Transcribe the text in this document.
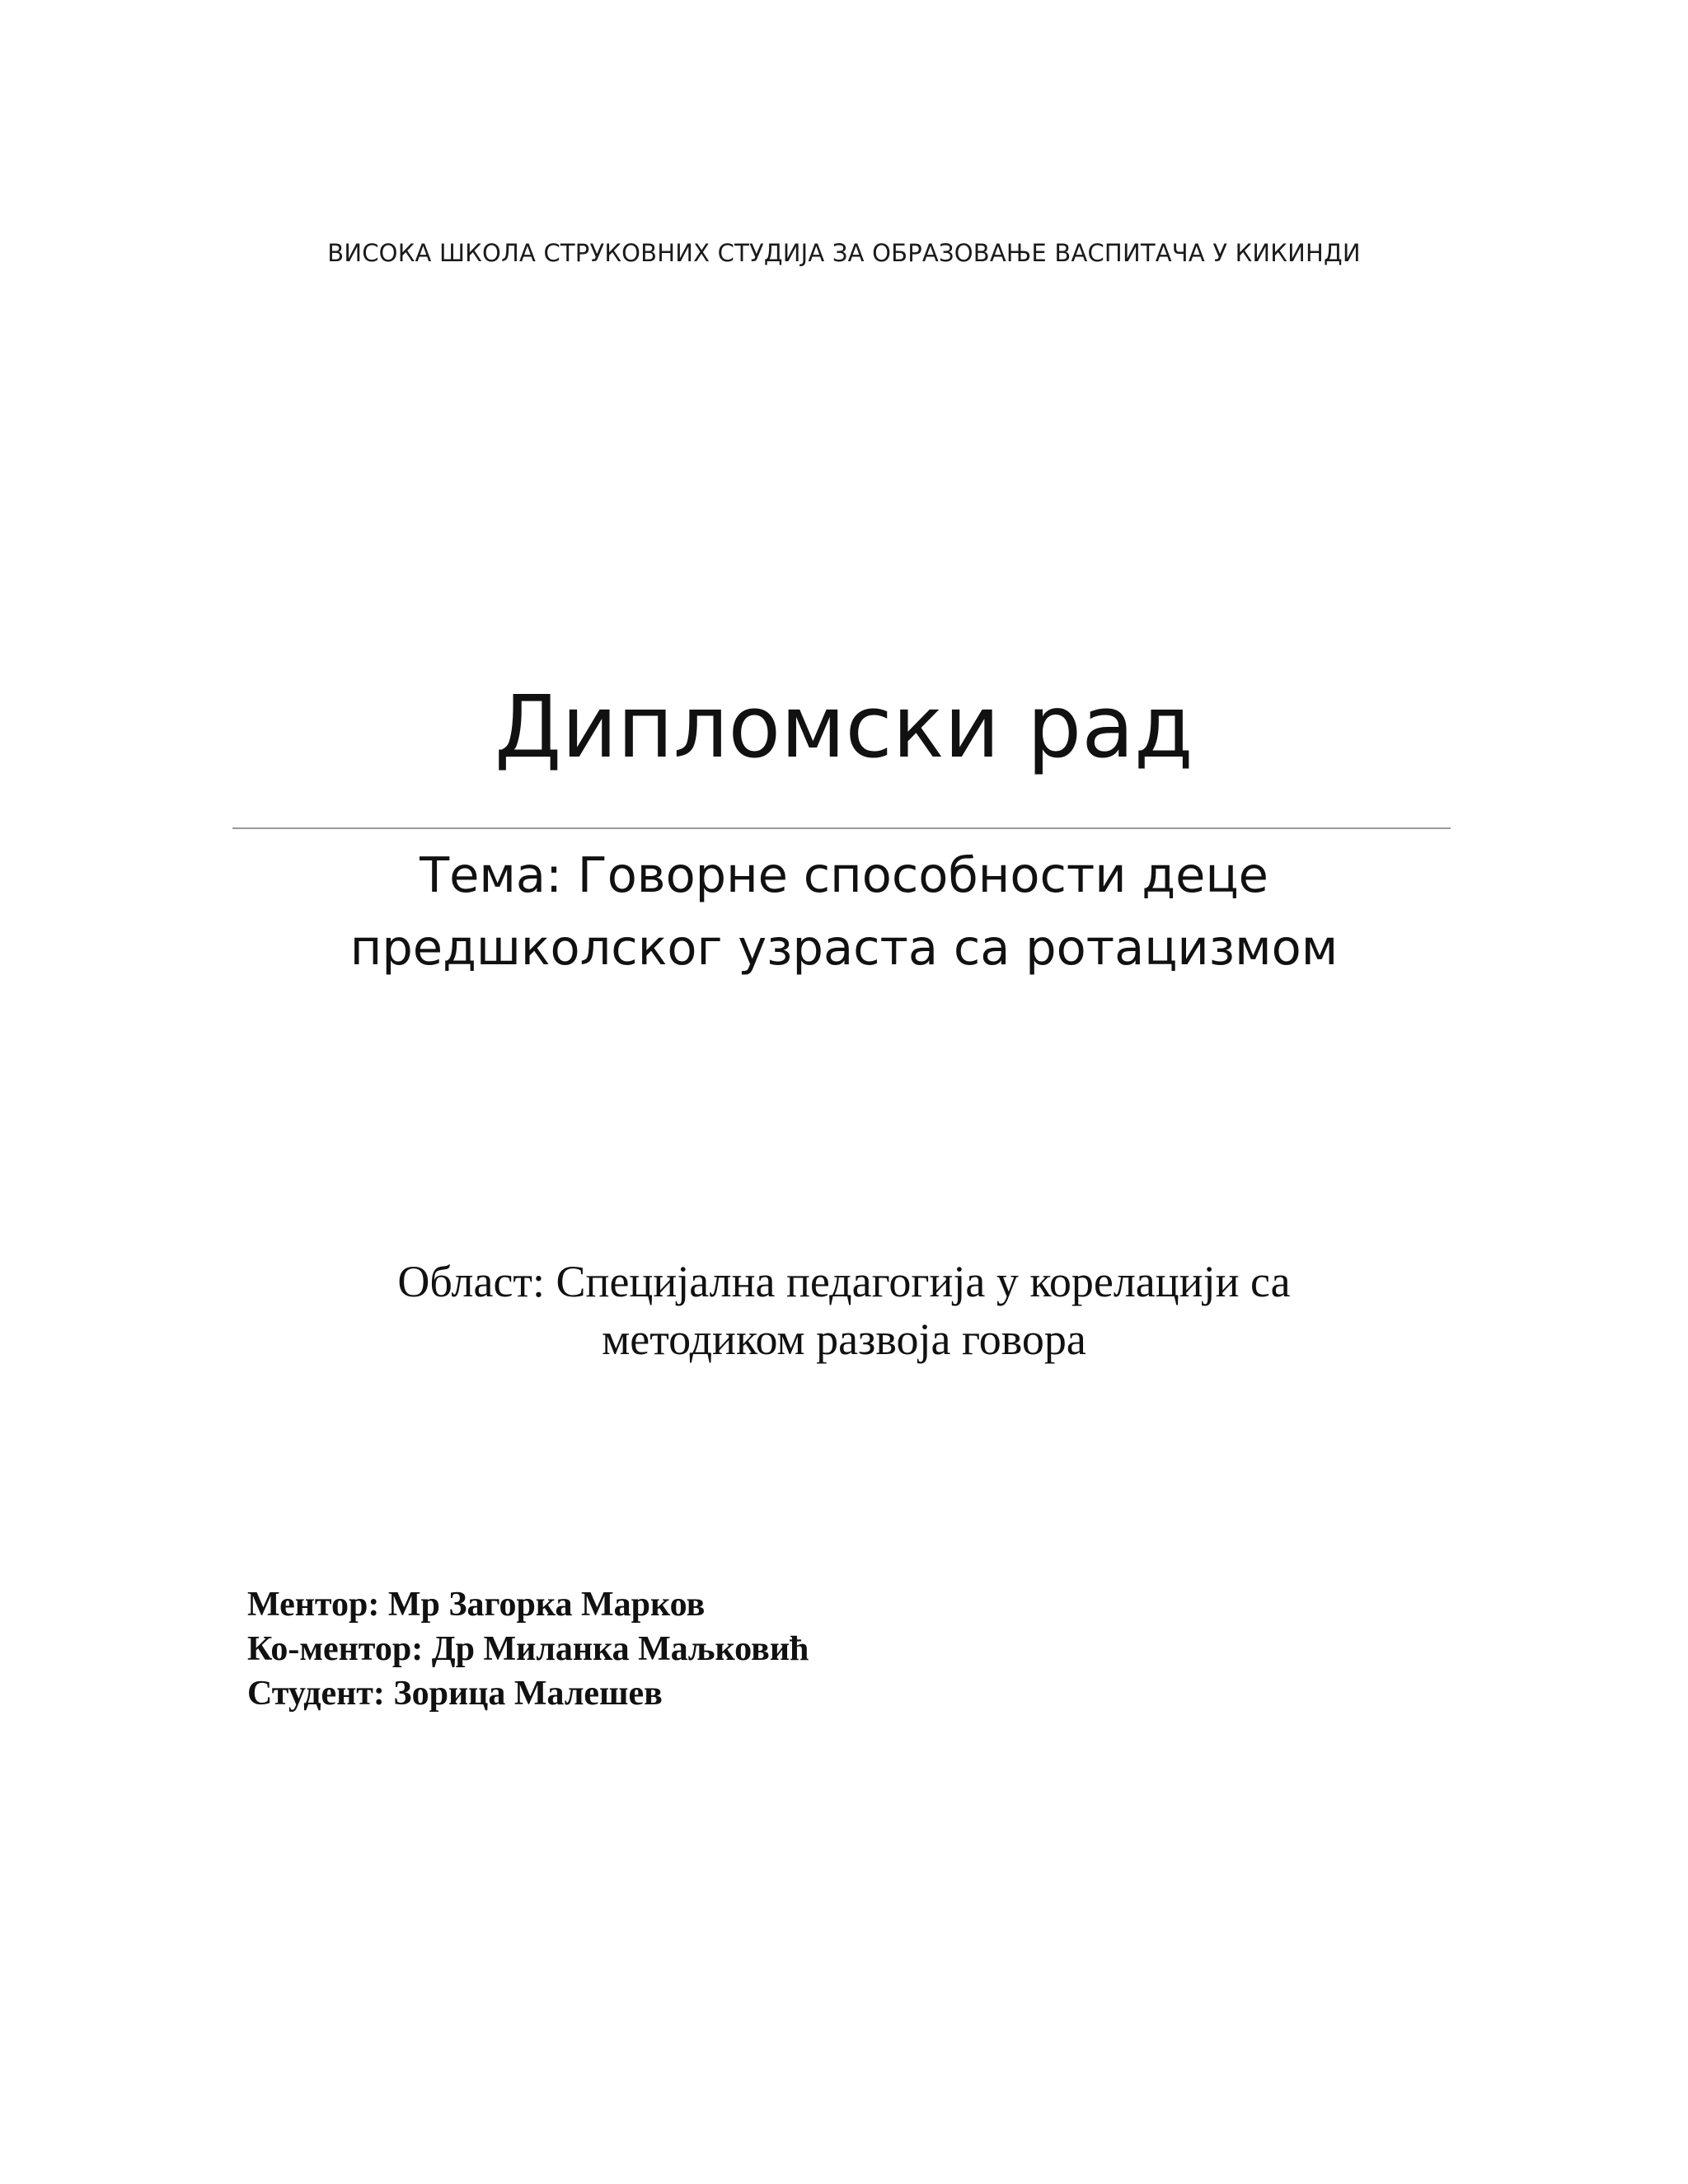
ВИСОКА ШКОЛА СТРУКОВНИХ СТУДИЈА ЗА ОБРАЗОВАЊЕ ВАСПИТАЧА У КИКИНДИ
Дипломски рад
Тема: Говорне способности деце
предшколског узраста са ротацизмом
Област: Специјална педагогија у корелацији са
методиком развоја говора
Ментор: Мр Загорка Марков
Ко-ментор: Др Миланка Маљковић
Студент: Зорица Малешев
